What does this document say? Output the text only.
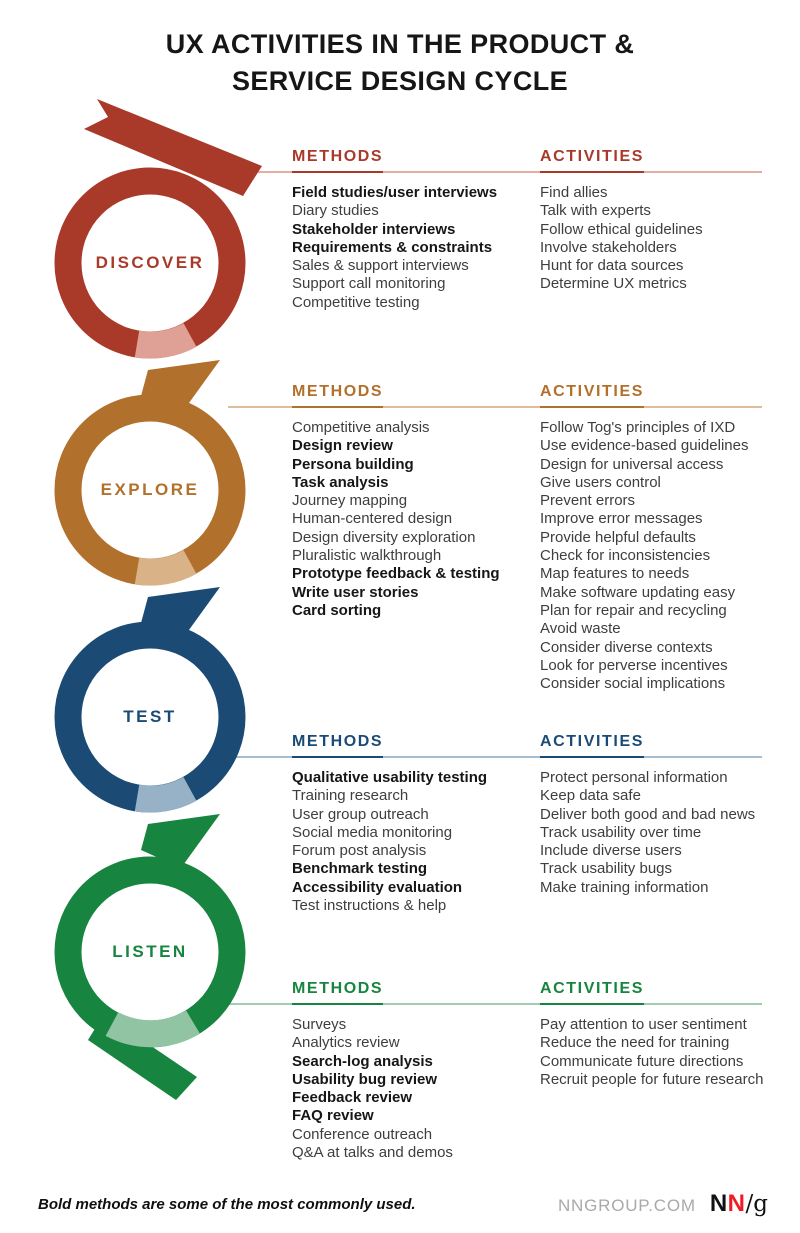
UX ACTIVITIES IN THE PRODUCT &
SERVICE DESIGN CYCLE
DISCOVER
EXPLORE
TEST
LISTEN
METHODS
Field studies/user interviews
Diary studies
Stakeholder interviews
Requirements & constraints
Sales & support interviews
Support call monitoring
Competitive testing
ACTIVITIES
Find allies
Talk with experts
Follow ethical guidelines
Involve stakeholders
Hunt for data sources
Determine UX metrics
METHODS
Competitive analysis
Design review
Persona building
Task analysis
Journey mapping
Human-centered design
Design diversity exploration
Pluralistic walkthrough
Prototype feedback & testing
Write user stories
Card sorting
ACTIVITIES
Follow Tog's principles of IXD
Use evidence-based guidelines
Design for universal access
Give users control
Prevent errors
Improve error messages
Provide helpful defaults
Check for inconsistencies
Map features to needs
Make software updating easy
Plan for repair and recycling
Avoid waste
Consider diverse contexts
Look for perverse incentives
Consider social implications
METHODS
Qualitative usability testing
Training research
User group outreach
Social media monitoring
Forum post analysis
Benchmark testing
Accessibility evaluation
Test instructions & help
ACTIVITIES
Protect personal information
Keep data safe
Deliver both good and bad news
Track usability over time
Include diverse users
Track usability bugs
Make training information
METHODS
Surveys
Analytics review
Search-log analysis
Usability bug review
Feedback review
FAQ review
Conference outreach
Q&A at talks and demos
ACTIVITIES
Pay attention to user sentiment
Reduce the need for training
Communicate future directions
Recruit people for future research
Bold methods are some of the most commonly used.	NNGROUP.COM NN/g
